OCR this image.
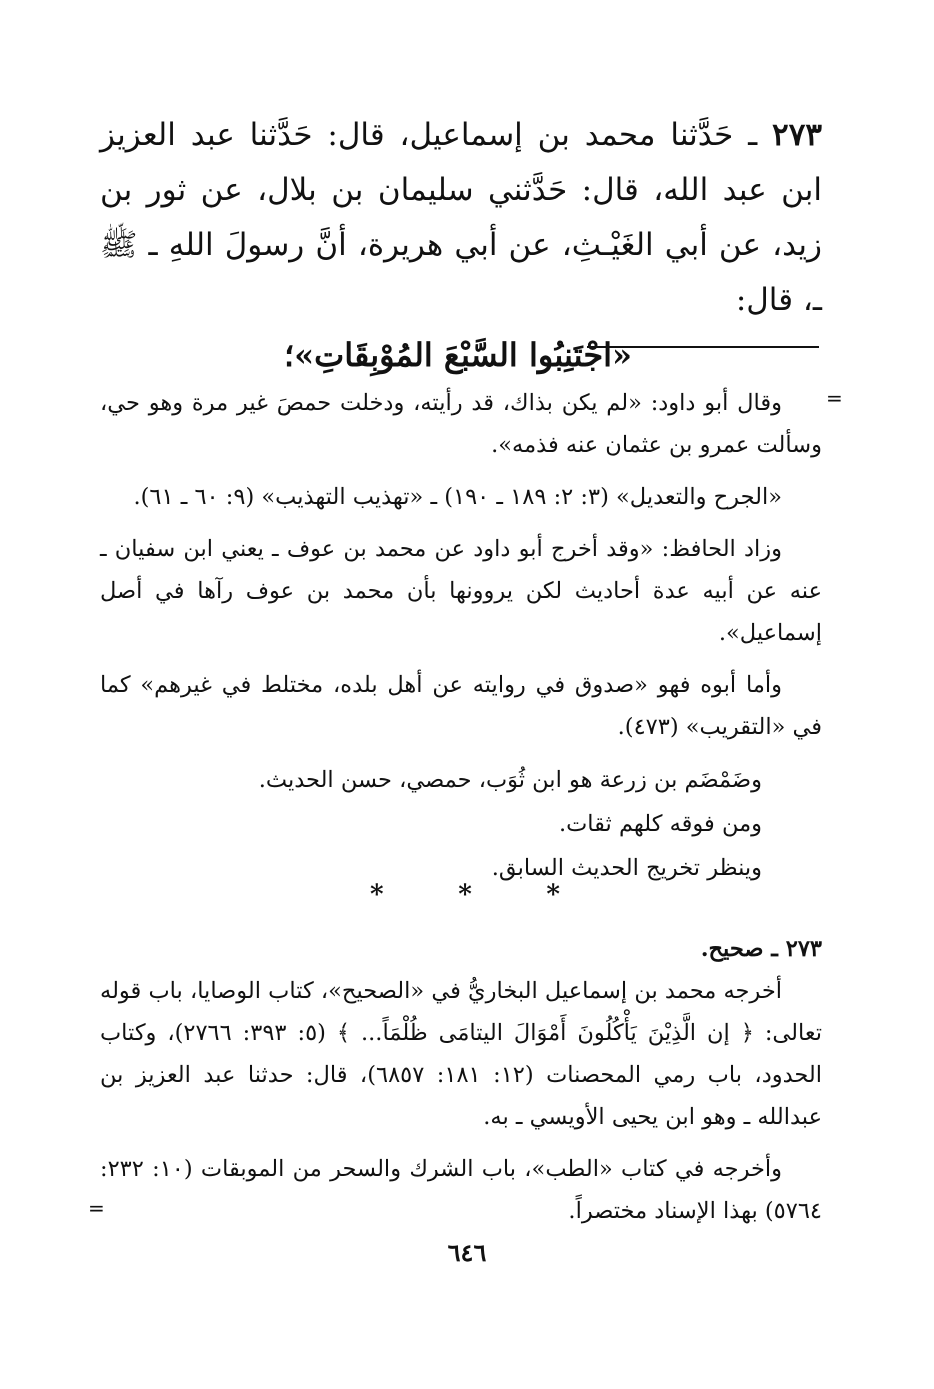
٢٧٣ ـ حَدَّثنا محمد بن إسماعيل، قال: حَدَّثنا عبد العزيز ابن عبد الله، قال: حَدَّثني سليمان بن بلال، عن ثور بن زيد، عن أبي الغَيْـثِ، عن أبي هريرة، أنَّ رسولَ اللهِ ـ ﷺ ـ، قال:

«اجْتَنِبُوا السَّبْعَ المُوْبِقَاتِ»؛

=

وقال أبو داود: «لم يكن بذاك، قد رأيته، ودخلت حمصَ غير مرة وهو حي، وسألت عمرو بن عثمان عنه فذمه».

«الجرح والتعديل» (٣: ٢: ١٨٩ ـ ١٩٠) ـ «تهذيب التهذيب» (٩: ٦٠ ـ ٦١).

وزاد الحافظ: «وقد أخرج أبو داود عن محمد بن عوف ـ يعني ابن سفيان ـ عنه عن أبيه عدة أحاديث لكن يروونها بأن محمد بن عوف رآها في أصل إسماعيل».

وأما أبوه فهو «صدوق في روايته عن أهل بلده، مختلط في غيرهم» كما في «التقريب» (٤٧٣).

وضَمْضَم بن زرعة هو ابن ثُوَب، حمصي، حسن الحديث.

ومن فوقه كلهم ثقات.

وينظر تخريج الحديث السابق.

*	*	*

٢٧٣ ـ صحيح.

أخرجه محمد بن إسماعيل البخاريُّ في «الصحيح»، كتاب الوصايا، باب قوله تعالى: ﴿ إن الَّذِيْنَ يَأْكُلُونَ أَمْوَالَ اليتامَى ظُلْمَاً... ﴾ (٥: ٣٩٣: ٢٧٦٦)، وكتاب الحدود، باب رمي المحصنات (١٢: ١٨١: ٦٨٥٧)، قال: حدثنا عبد العزيز بن عبدالله ـ وهو ابن يحيى الأويسي ـ به.

وأخرجه في كتاب «الطب»، باب الشرك والسحر من الموبقات (١٠: ٢٣٢: ٥٧٦٤) بهذا الإسناد مختصراً.

=
٦٤٦
